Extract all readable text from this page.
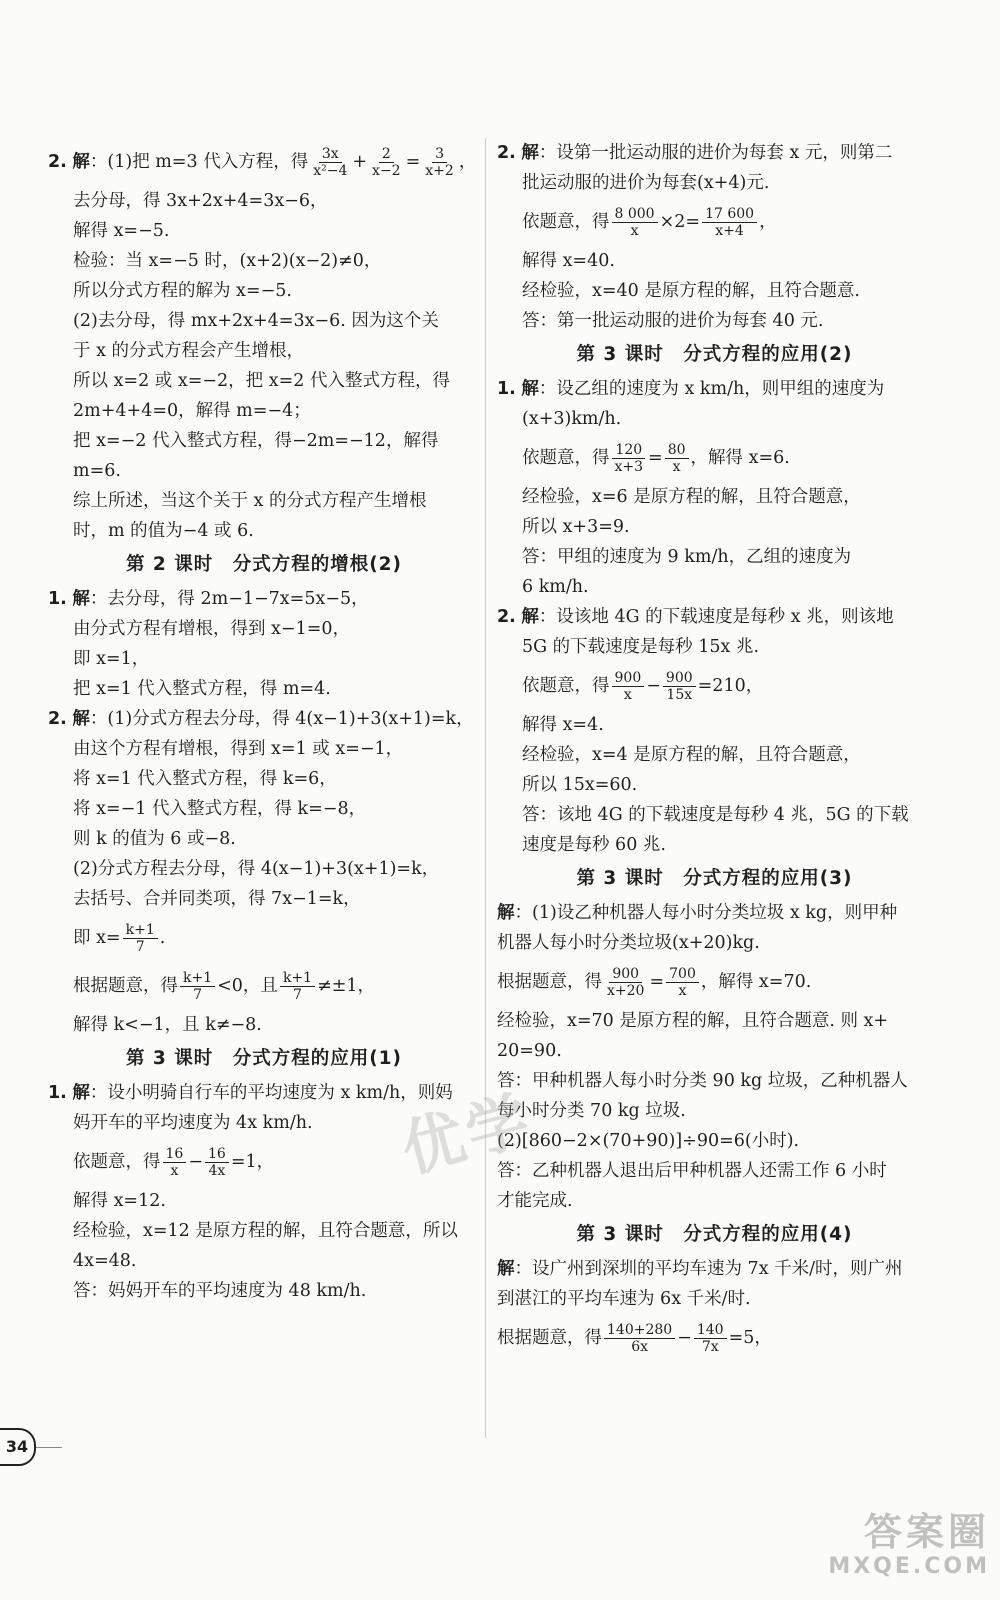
2.
解 ：(1)把 m=3 代入方程，得 $\frac{3x}{\text{x²−4}} + \frac{2}{x-2} = \frac{3}{x+2}$ ，

去分母，得 3x+2x+4=3x−6，

解得 x=−5.

检验：当 x=−5 时，(x+2)(x−2)≠0，

所以分式方程的解为 x=−5.

(2)去分母，得 mx+2x+4=3x−6. 因为这个关

于 x 的分式方程会产生增根，

所以 x=2 或 x=−2，把 x=2 代入整式方程，得

2m+4+4=0，解得 m=−4；

把 x=−2 代入整式方程，得−2m=−12，解得

m=6.

综上所述，当这个关于 x 的分式方程产生增根

时，m 的值为−4 或 6.

第 2 课时　分式方程的增根(2)

1. 解：去分母，得 2m−1−7x=5x−5，

由分式方程有增根，得到 x−1=0，

即 x=1，

把 x=1 代入整式方程，得 m=4.

2. 解：(1)分式方程去分母，得 4(x−1)+3(x+1)=k，

由这个方程有增根，得到 x=1 或 x=−1，

将 x=1 代入整式方程，得 k=6，

将 x=−1 代入整式方程，得 k=−8，

则 k 的值为 6 或−8.

(2)分式方程去分母，得 4(x−1)+3(x+1)=k，

去括号、合并同类项，得 7x−1=k，

即 $x= \frac{k+1}{7}$ .
根据题意，得 $\frac{k+1}{7} <0$，且 $\frac{k+1}{7} \ne\pm 1$，

解得 k<−1，且 k≠−8.

第 3 课时　分式方程的应用(1)

1. 解：设小明骑自行车的平均速度为 x km/h，则妈

妈开车的平均速度为 4x km/h.

依题意，得 $\frac{16}{x} - \frac{16}{4x} =1$，

解得 x=12.

经检验，x=12 是原方程的解，且符合题意，所以

4x=48.

答：妈妈开车的平均速度为 48 km/h.

2. 解：设第一批运动服的进价为每套 x 元，则第二

批运动服的进价为每套(x+4)元.

依题意，得 $\frac{8 000}{x} \times 2= \frac{17 600}{x+4}$ ，

解得 x=40.

经检验，x=40 是原方程的解，且符合题意.

答：第一批运动服的进价为每套 40 元.

第 3 课时　分式方程的应用(2)

1. 解：设乙组的速度为 x km/h，则甲组的速度为

(x+3)km/h.

依题意，得 $\frac{120}{x+3} = \frac{80}{x}$ ，解得 x=6.

经检验，x=6 是原方程的解，且符合题意，

所以 x+3=9.

答：甲组的速度为 9 km/h，乙组的速度为

6 km/h.

2. 解：设该地 4G 的下载速度是每秒 x 兆，则该地

5G 的下载速度是每秒 15x 兆.

依题意，得 $\frac{900}{x} - \frac{900}{15x} =210$，

解得 x=4.

经检验，x=4 是原方程的解，且符合题意，

所以 15x=60.

答：该地 4G 的下载速度是每秒 4 兆，5G 的下载

速度是每秒 60 兆.

第 3 课时　分式方程的应用(3)

解：(1)设乙种机器人每小时分类垃圾 x kg，则甲种

机器人每小时分类垃圾(x+20)kg.

根据题意，得 $\frac{900}{x+20} = \frac{700}{x}$ ，解得 x=70.

经检验，x=70 是原方程的解，且符合题意. 则 x+

20=90.

答：甲种机器人每小时分类 90 kg 垃圾，乙种机器人

每小时分类 70 kg 垃圾.

(2)[860−2×(70+90)]÷90=6(小时).

答：乙种机器人退出后甲种机器人还需工作 6 小时

才能完成.

第 3 课时　分式方程的应用(4)

解：设广州到深圳的平均车速为 7x 千米/时，则广州

到湛江的平均车速为 6x 千米/时.

根据题意，得 $\frac{140+280}{6x} - \frac{140}{7x} =5$，
优学
34
答案圈
MXQE.COM
